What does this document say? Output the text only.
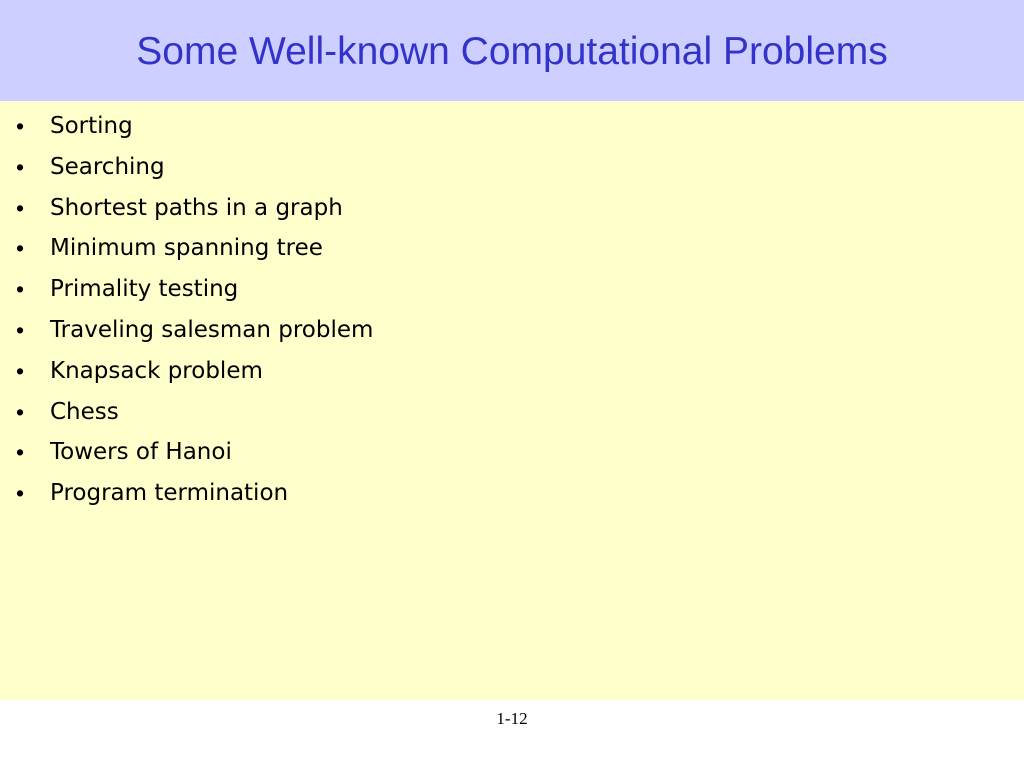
Some Well-known Computational Problems
• Sorting
• Searching
• Shortest paths in a graph
• Minimum spanning tree
• Primality testing
• Traveling salesman problem
• Knapsack problem
• Chess
• Towers of Hanoi
• Program termination
1-12
